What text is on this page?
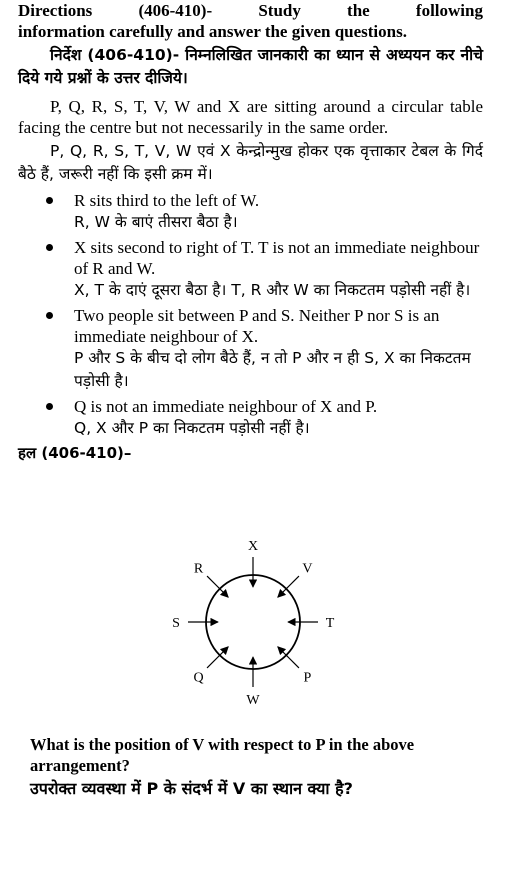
Directions	(406-410)-	Study	the	following
information carefully and answer the given questions.

निर्देश (406-410)- निम्नलिखित जानकारी का ध्यान से अध्ययन कर नीचे दिये गये प्रश्नों के उत्तर दीजिये।

P, Q, R, S, T, V, W and X are sitting around a circular table facing the centre but not necessarily in the same order.

P, Q, R, S, T, V, W एवं X केन्द्रोन्मुख होकर एक वृत्ताकार टेबल के गिर्द बैठे हैं, जरूरी नहीं कि इसी क्रम में।

R sits third to the left of W.
R, W के बाएं तीसरा बैठा है।
X sits second to right of T. T is not an immediate neighbour of R and W.
X, T के दाएं दूसरा बैठा है। T, R और W का निकटतम पड़ोसी नहीं है।
Two people sit between P and S. Neither P nor S is an immediate neighbour of X.
P और S के बीच दो लोग बैठे हैं, न तो P और न ही S, X का निकटतम पड़ोसी है।
Q is not an immediate neighbour of X and P.
Q, X और P का निकटतम पड़ोसी नहीं है।
हल (406-410)–
X
V
T
P
W
Q
S
R
What is the position of V with respect to P in the above arrangement?
उपरोक्त व्यवस्था में P के संदर्भ में V का स्थान क्या है?
